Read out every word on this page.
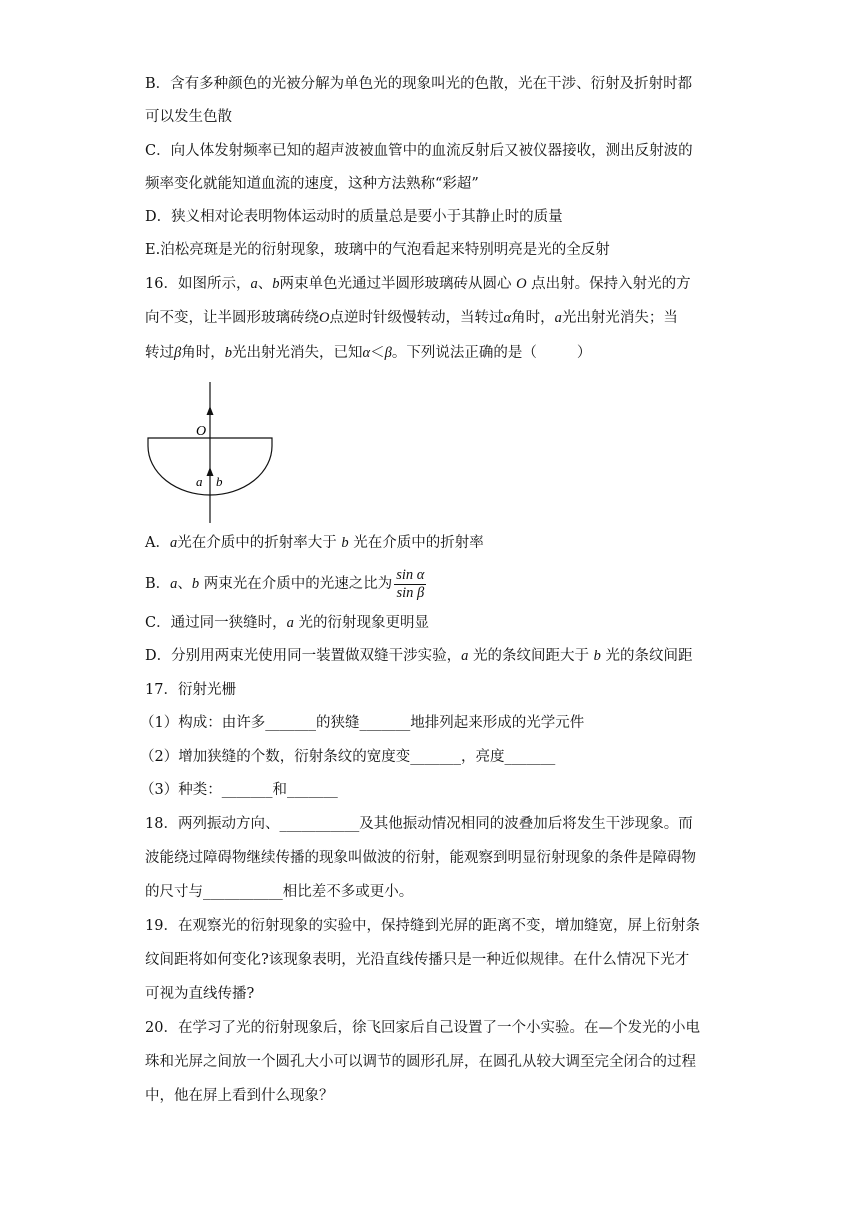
B．含有多种颜色的光被分解为单色光的现象叫光的色散，光在干涉、衍射及折射时都
可以发生色散
C．向人体发射频率已知的超声波被血管中的血流反射后又被仪器接收，测出反射波的
频率变化就能知道血流的速度，这种方法熟称“彩超”
D．狭义相对论表明物体运动时的质量总是要小于其静止时的质量
E.泊松亮斑是光的衍射现象，玻璃中的气泡看起来特别明亮是光的全反射
16．如图所示，a、b两束单色光通过半圆形玻璃砖从圆心 O 点出射。保持入射光的方
向不变，让半圆形玻璃砖绕O点逆时针级慢转动，当转过α角时，a光出射光消失；当
转过β角时，b光出射光消失，已知α＜β。下列说法正确的是（	）
O
a b
A．a光在介质中的折射率大于 b 光在介质中的折射率
B．a、b 两束光在介质中的光速之比为 $\frac{\text{sin α}}{\text{sin β}}$
C．通过同一狭缝时，a 光的衍射现象更明显
D．分别用两束光使用同一装置做双缝干涉实验，a 光的条纹间距大于 b 光的条纹间距
17．衍射光栅
（1）构成：由许多_______的狭缝_______地排列起来形成的光学元件
（2）增加狭缝的个数，衍射条纹的宽度变_______，亮度_______
（3）种类：_______和_______
18．两列振动方向、___________及其他振动情况相同的波叠加后将发生干涉现象。而
波能绕过障碍物继续传播的现象叫做波的衍射，能观察到明显衍射现象的条件是障碍物
的尺寸与___________相比差不多或更小。
19．在观察光的衍射现象的实验中，保持缝到光屏的距离不变，增加缝宽，屏上衍射条
纹间距将如何变化?该现象表明，光沿直线传播只是一种近似规律。在什么情况下光才
可视为直线传播?
20．在学习了光的衍射现象后，徐飞回家后自己设置了一个小实验。在—个发光的小电
珠和光屏之间放一个圆孔大小可以调节的圆形孔屏，在圆孔从较大调至完全闭合的过程
中，他在屏上看到什么现象？
